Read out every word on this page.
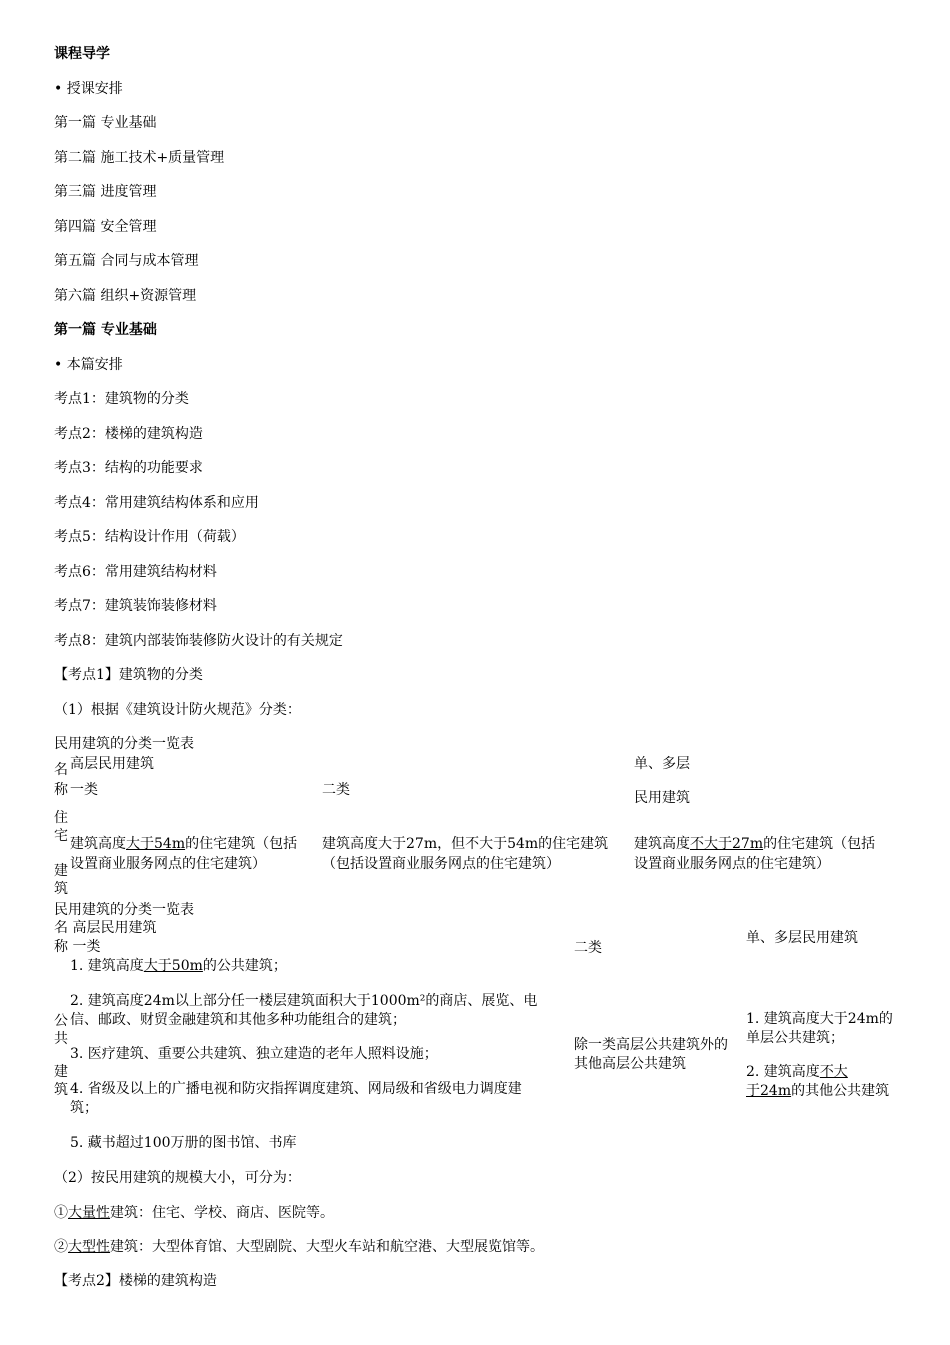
课程导学
• 授课安排
第一篇 专业基础
第二篇 施工技术+质量管理
第三篇 进度管理
第四篇 安全管理
第五篇 合同与成本管理
第六篇 组织+资源管理
第一篇 专业基础
• 本篇安排
考点1：建筑物的分类
考点2：楼梯的建筑构造
考点3：结构的功能要求
考点4：常用建筑结构体系和应用
考点5：结构设计作用（荷载）
考点6：常用建筑结构材料
考点7：建筑装饰装修材料
考点8：建筑内部装饰装修防火设计的有关规定
【考点1】建筑物的分类
（1）根据《建筑设计防火规范》分类：
民用建筑的分类一览表
名
称
高层民用建筑
一类	二类
单、多层
民用建筑
住
宅
建
筑
建筑高度大于54m的住宅建筑（包括
设置商业服务网点的住宅建筑）
建筑高度大于27m，但不大于54m的住宅建筑
（包括设置商业服务网点的住宅建筑）
建筑高度不大于27m的住宅建筑（包括
设置商业服务网点的住宅建筑）
民用建筑的分类一览表
名 高层民用建筑
称 一类	二类
单、多层民用建筑
公
共
建
筑
1. 建筑高度大于50m的公共建筑；
2. 建筑高度24m以上部分任一楼层建筑面积大于1000m²的商店、展览、电
信、邮政、财贸金融建筑和其他多种功能组合的建筑；
3. 医疗建筑、重要公共建筑、独立建造的老年人照料设施；
4. 省级及以上的广播电视和防灾指挥调度建筑、网局级和省级电力调度建
筑；
5. 藏书超过100万册的图书馆、书库
除一类高层公共建筑外的
其他高层公共建筑
1. 建筑高度大于24m的
单层公共建筑；
2. 建筑高度不大
于24m的其他公共建筑
（2）按民用建筑的规模大小，可分为：
①大量性建筑：住宅、学校、商店、医院等。
②大型性建筑：大型体育馆、大型剧院、大型火车站和航空港、大型展览馆等。
【考点2】楼梯的建筑构造
